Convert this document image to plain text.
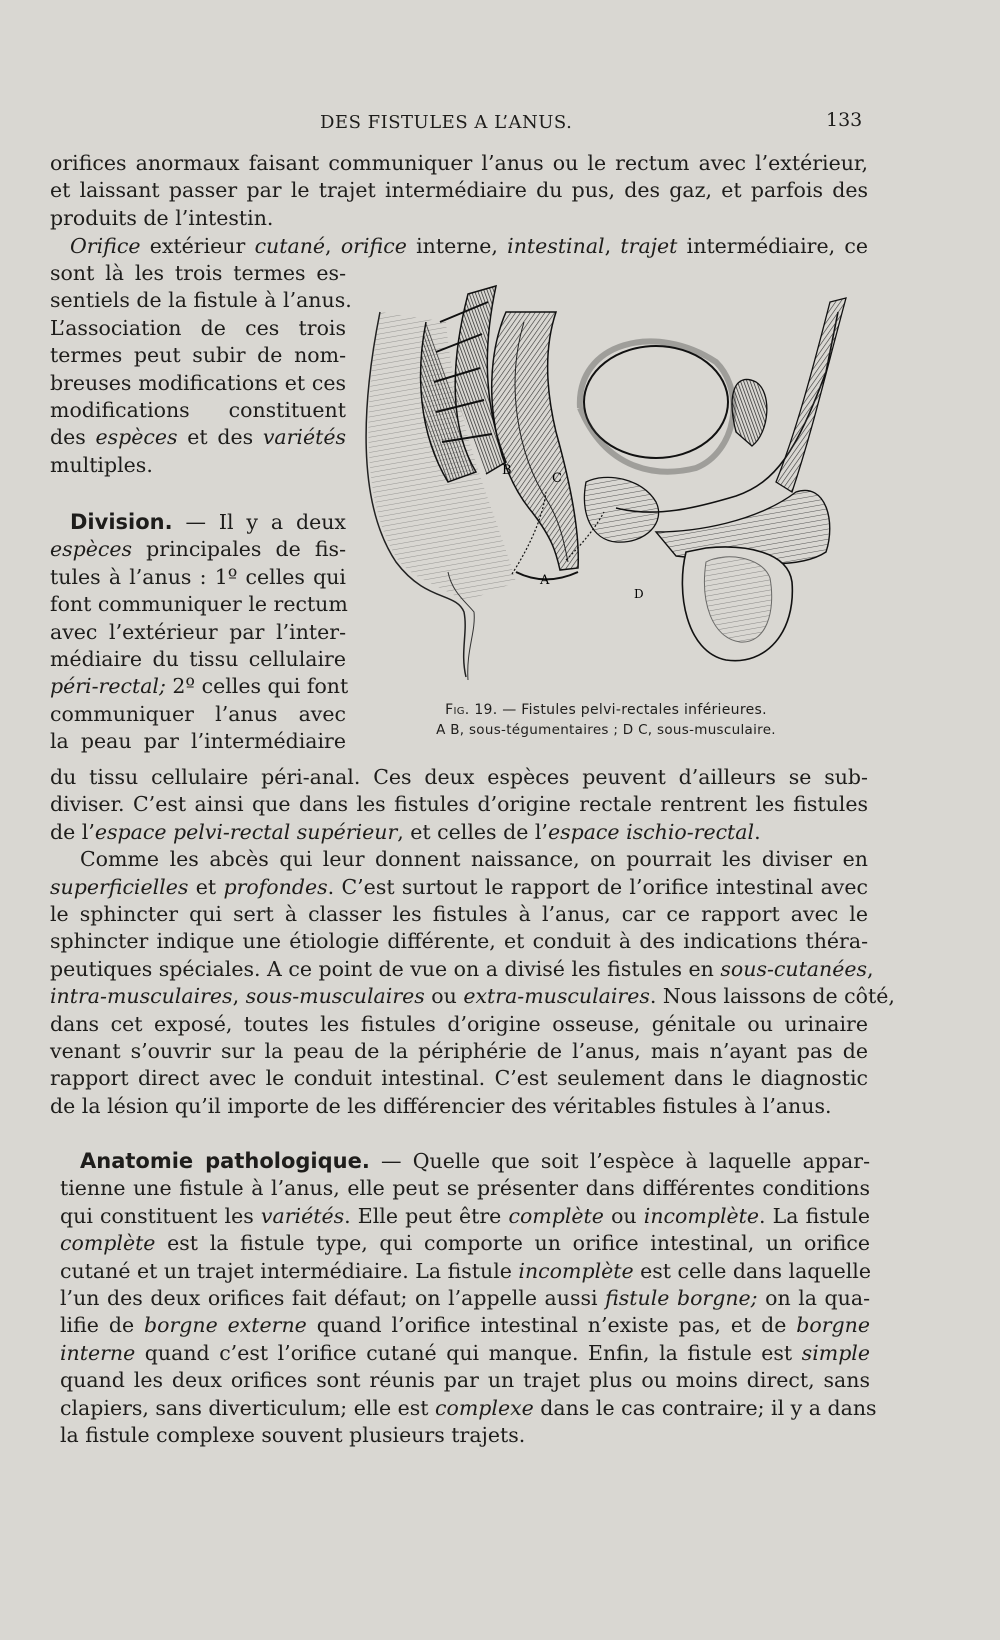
DES FISTULES A L’ANUS.	133
orifices anormaux faisant communiquer l’anus ou le rectum avec l’extérieur,
et laissant passer par le trajet intermédiaire du pus, des gaz, et parfois des
produits de l’intestin.
Orifice extérieur cutané, orifice interne, intestinal, trajet intermédiaire, ce
sont là les trois termes es-
sentiels de la fistule à l’anus.
L’association de ces trois
termes peut subir de nom-
breuses modifications et ces
modifications constituent
des espèces et des variétés
multiples.
Division. — Il y a deux
espèces principales de fis-
tules à l’anus : 1º celles qui
font communiquer le rectum
avec l’extérieur par l’inter-
médiaire du tissu cellulaire
péri-rectal; 2º celles qui font
communiquer l’anus avec
la peau par l’intermédiaire
B
C
A
D
Fig. 19. — Fistules pelvi-rectales inférieures.
A B, sous-tégumentaires ; D C, sous-musculaire.
du tissu cellulaire péri-anal. Ces deux espèces peuvent d’ailleurs se sub-
diviser. C’est ainsi que dans les fistules d’origine rectale rentrent les fistules
de l’espace pelvi-rectal supérieur, et celles de l’espace ischio-rectal.
Comme les abcès qui leur donnent naissance, on pourrait les diviser en
superficielles et profondes. C’est surtout le rapport de l’orifice intestinal avec
le sphincter qui sert à classer les fistules à l’anus, car ce rapport avec le
sphincter indique une étiologie différente, et conduit à des indications théra-
peutiques spéciales. A ce point de vue on a divisé les fistules en sous-cutanées,
intra-musculaires, sous-musculaires ou extra-musculaires. Nous laissons de côté,
dans cet exposé, toutes les fistules d’origine osseuse, génitale ou urinaire
venant s’ouvrir sur la peau de la périphérie de l’anus, mais n’ayant pas de
rapport direct avec le conduit intestinal. C’est seulement dans le diagnostic
de la lésion qu’il importe de les différencier des véritables fistules à l’anus.
Anatomie pathologique. — Quelle que soit l’espèce à laquelle appar-
tienne une fistule à l’anus, elle peut se présenter dans différentes conditions
qui constituent les variétés. Elle peut être complète ou incomplète. La fistule
complète est la fistule type, qui comporte un orifice intestinal, un orifice
cutané et un trajet intermédiaire. La fistule incomplète est celle dans laquelle
l’un des deux orifices fait défaut; on l’appelle aussi fistule borgne; on la qua-
lifie de borgne externe quand l’orifice intestinal n’existe pas, et de borgne
interne quand c’est l’orifice cutané qui manque. Enfin, la fistule est simple
quand les deux orifices sont réunis par un trajet plus ou moins direct, sans
clapiers, sans diverticulum; elle est complexe dans le cas contraire; il y a dans
la fistule complexe souvent plusieurs trajets.
